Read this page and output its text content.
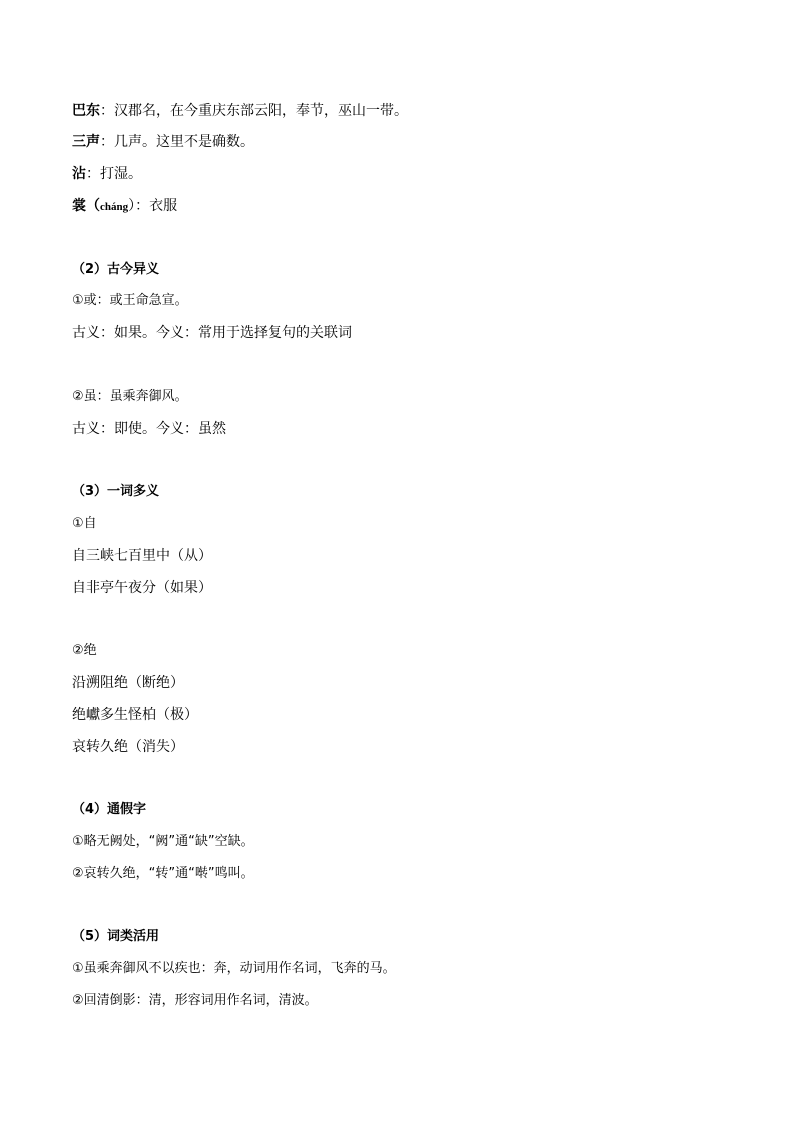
巴东：汉郡名，在今重庆东部云阳，奉节，巫山一带。
三声：几声。这里不是确数。
沾：打湿。
裳（cháng）：衣服
（2）古今异义
①或：或王命急宣。
古义：如果。今义：常用于选择复句的关联词
②虽：虽乘奔御风。
古义：即使。今义：虽然
（3）一词多义
①自
自三峡七百里中（从）
自非亭午夜分（如果）
②绝
沿溯阻绝（断绝）
绝巘多生怪柏（极）
哀转久绝（消失）
（4）通假字
①略无阙处，“阙”通“缺”空缺。
②哀转久绝，“转”通“啭”鸣叫。
（5）词类活用
①虽乘奔御风不以疾也：奔，动词用作名词，飞奔的马。
②回清倒影：清，形容词用作名词，清波。
